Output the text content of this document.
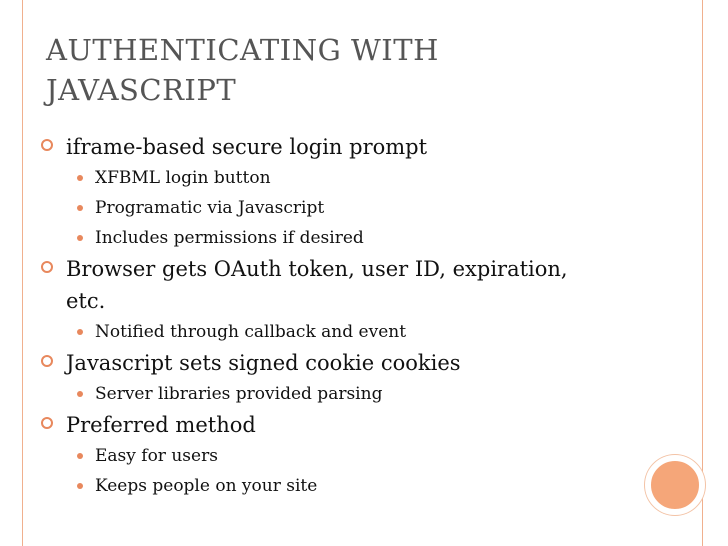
AUTHENTICATING WITH
JAVASCRIPT
iframe-based secure login prompt
XFBML login button
Programatic via Javascript
Includes permissions if desired
Browser gets OAuth token, user ID, expiration, etc.
Notified through callback and event
Javascript sets signed cookie cookies
Server libraries provided parsing
Preferred method
Easy for users
Keeps people on your site
